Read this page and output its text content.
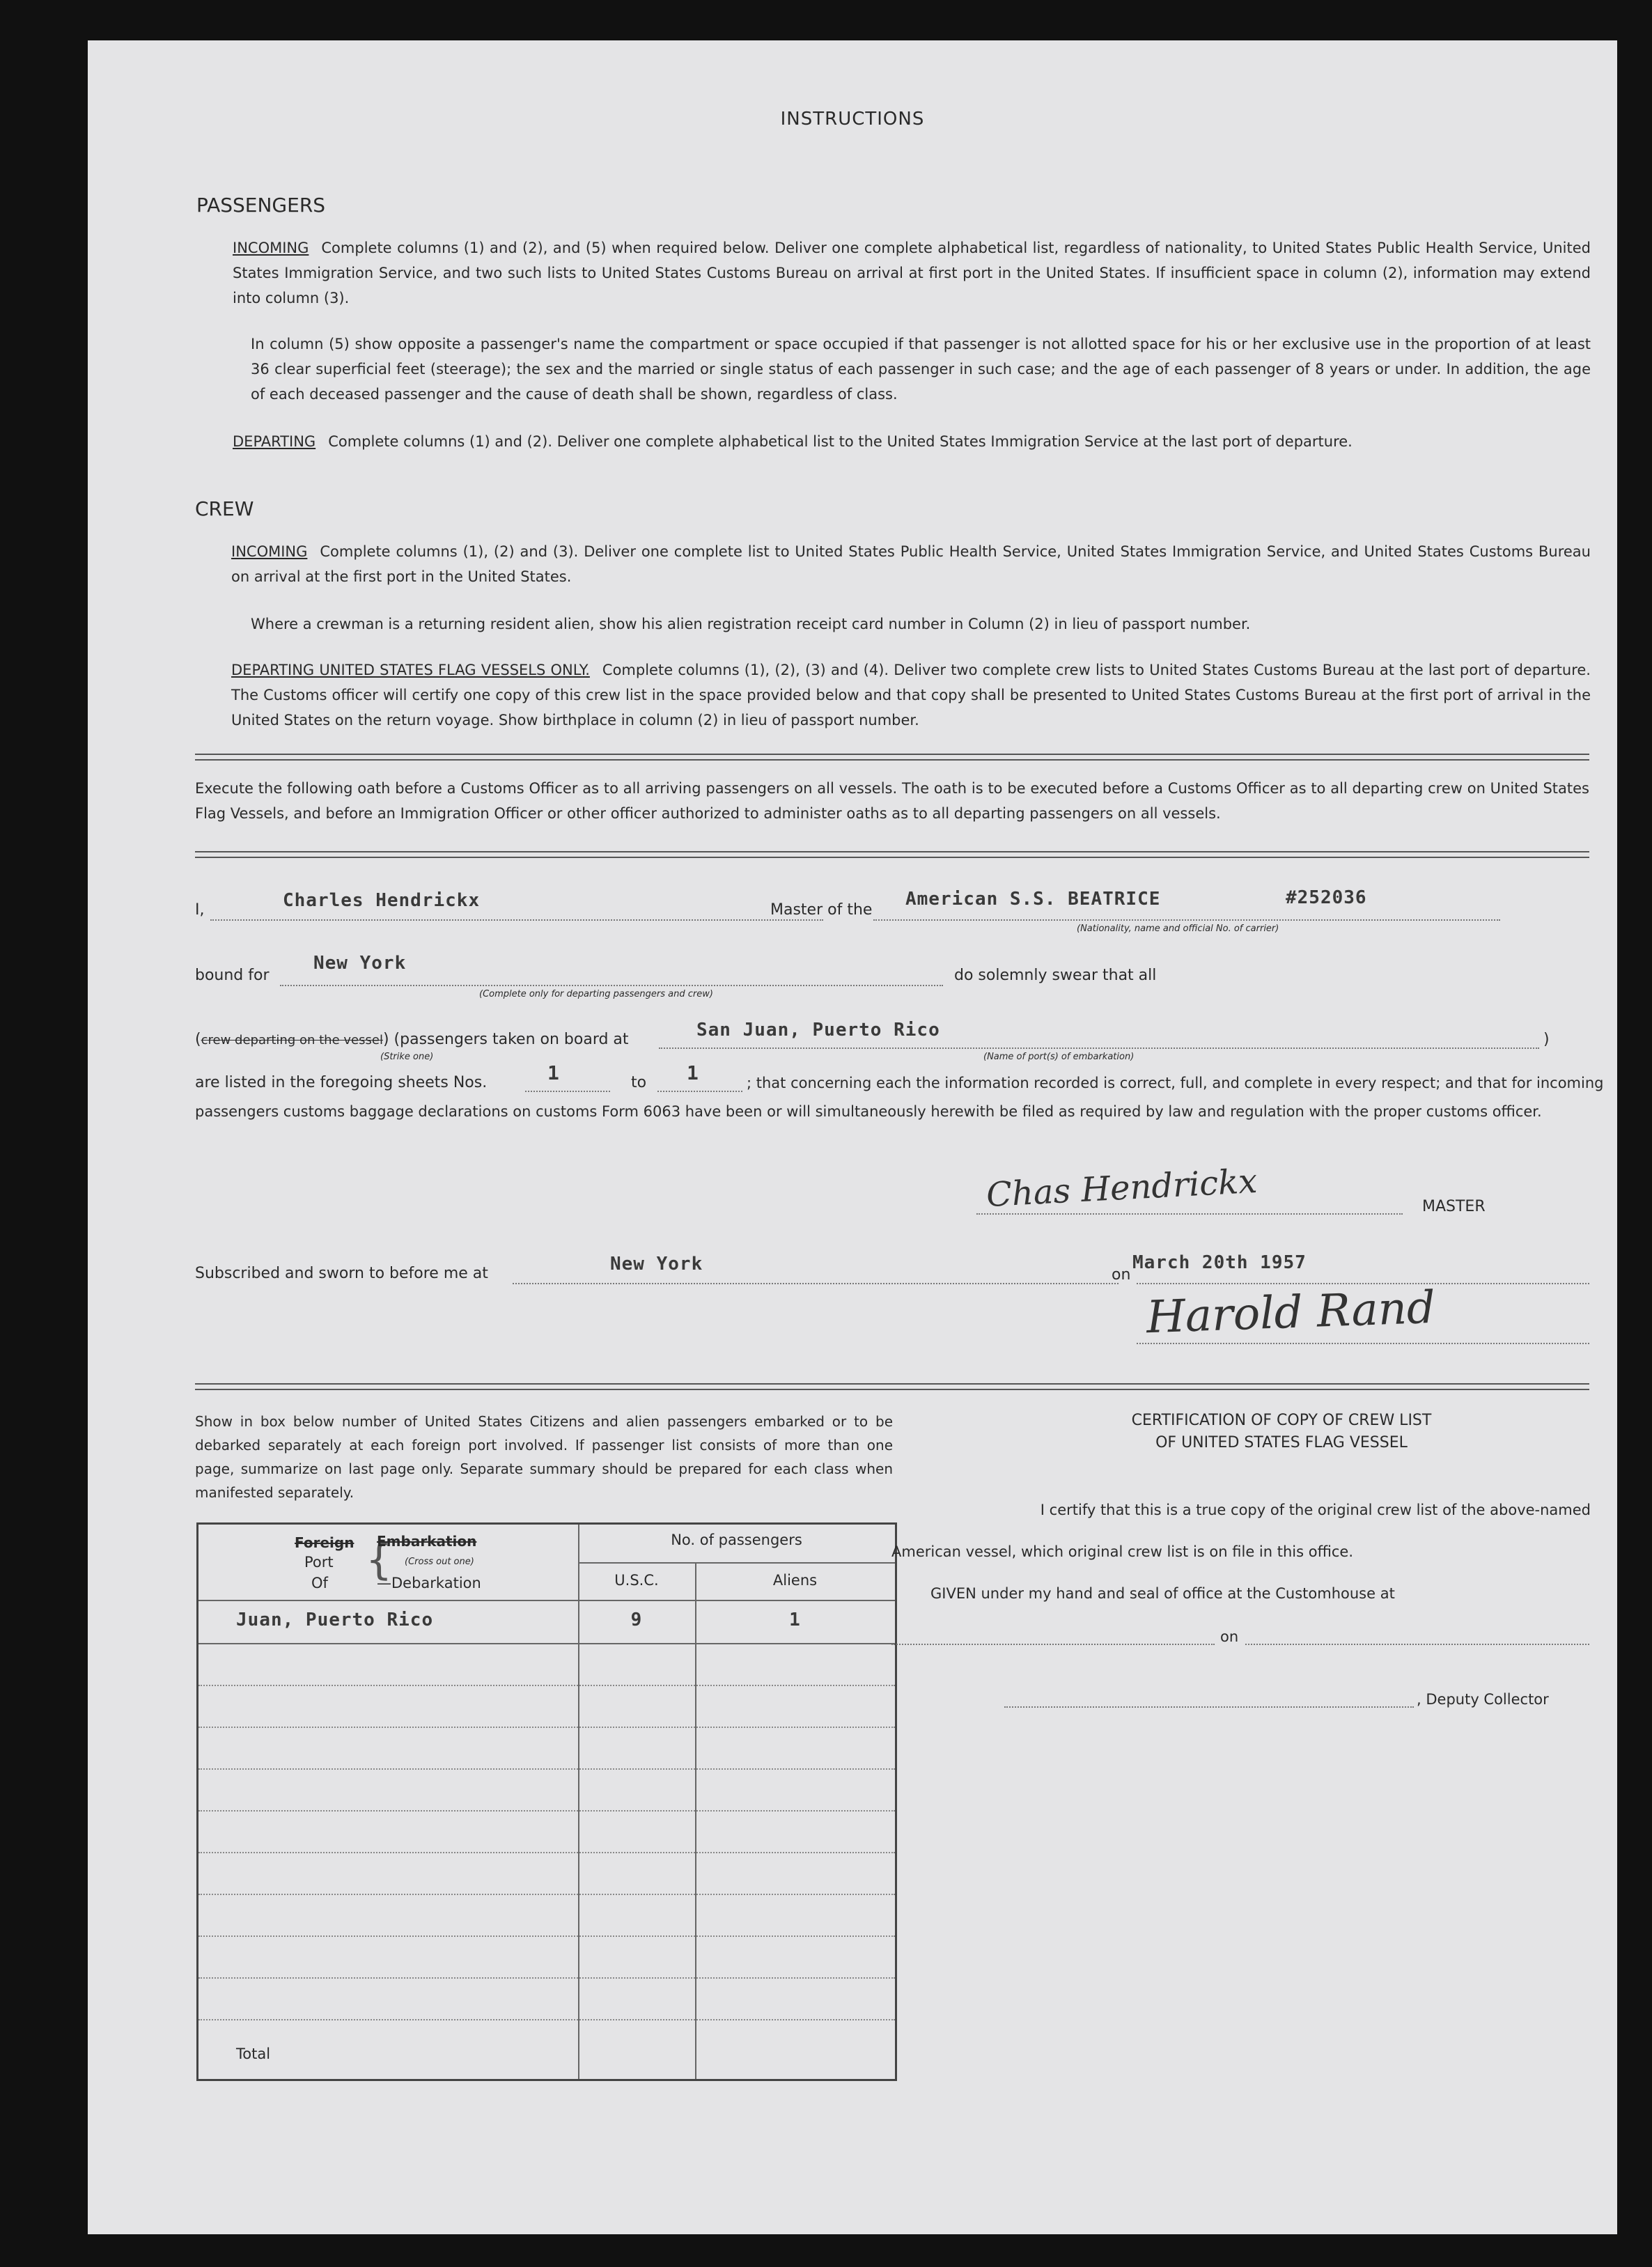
INSTRUCTIONS
PASSENGERS
INCOMING Complete columns (1) and (2), and (5) when required below. Deliver one complete alphabetical list, regardless of nationality, to United States Public Health Service, United States Immigration Service, and two such lists to United States Customs Bureau on arrival at first port in the United States. If insufficient space in column (2), information may extend into column (3).
In column (5) show opposite a passenger's name the compartment or space occupied if that passenger is not allotted space for his or her exclusive use in the proportion of at least 36 clear superficial feet (steerage); the sex and the married or single status of each passenger in such case; and the age of each passenger of 8 years or under. In addition, the age of each deceased passenger and the cause of death shall be shown, regardless of class.
DEPARTING Complete columns (1) and (2). Deliver one complete alphabetical list to the United States Immigration Service at the last port of departure.
CREW
INCOMING Complete columns (1), (2) and (3). Deliver one complete list to United States Public Health Service, United States Immigration Service, and United States Customs Bureau on arrival at the first port in the United States.
Where a crewman is a returning resident alien, show his alien registration receipt card number in Column (2) in lieu of passport number.
DEPARTING UNITED STATES FLAG VESSELS ONLY. Complete columns (1), (2), (3) and (4). Deliver two complete crew lists to United States Customs Bureau at the last port of departure. The Customs officer will certify one copy of this crew list in the space provided below and that copy shall be presented to United States Customs Bureau at the first port of arrival in the United States on the return voyage. Show birthplace in column (2) in lieu of passport number.
Execute the following oath before a Customs Officer as to all arriving passengers on all vessels. The oath is to be executed before a Customs Officer as to all departing crew on United States Flag Vessels, and before an Immigration Officer or other officer authorized to administer oaths as to all departing passengers on all vessels.
I,	Charles Hendrickx	Master of the
American S.S. BEATRICE	#252036
(Nationality, name and official No. of carrier)
bound for
New York
(Complete only for departing passengers and crew)
do solemnly swear that all
(crew departing on the vessel) (passengers taken on board at
(Strike one)
San Juan, Puerto Rico
(Name of port(s) of embarkation)
)
are listed in the foregoing sheets Nos.	1	to 1	; that concerning each the information recorded is correct, full, and complete in every respect; and that for incoming
passengers customs baggage declarations on customs Form 6063 have been or will simultaneously herewith be filed as required by law and regulation with the proper customs officer.
Chas Hendrickx	MASTER
Subscribed and sworn to before me at	New York
on
March 20th 1957
Harold Rand
Show in box below number of United States Citizens and alien passengers embarked or to be debarked separately at each foreign port involved. If passenger list consists of more than one page, summarize on last page only. Separate summary should be prepared for each class when manifested separately.
Foreign
Port
Of {
Embarkation
(Cross out one)
—Debarkation
No. of passengers
U.S.C.	Aliens
Juan, Puerto Rico	9	1
Total
CERTIFICATION OF COPY OF CREW LIST
OF UNITED STATES FLAG VESSEL
I certify that this is a true copy of the original crew list of the above-named
American vessel, which original crew list is on file in this office.
GIVEN under my hand and seal of office at the Customhouse at
on
, Deputy Collector
